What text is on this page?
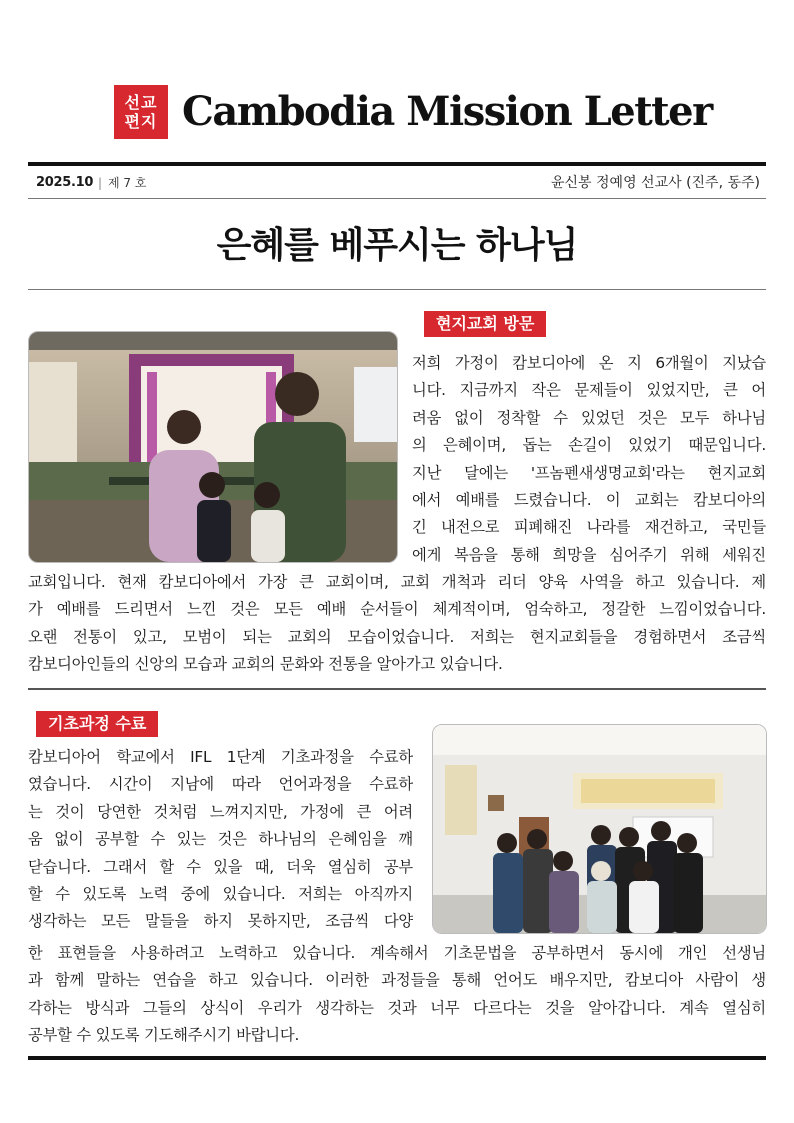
선교
편지 Cambodia Mission Letter
2025.10 | 제 7 호	윤신봉 정예영 선교사 (진주, 동주)
은혜를 베푸시는 하나님
현지교회 방문
저희 가정이 캄보디아에 온 지 6개월이 지났습
니다. 지금까지 작은 문제들이 있었지만, 큰 어
려움 없이 정착할 수 있었던 것은 모두 하나님
의 은혜이며, 돕는 손길이 있었기 때문입니다.
지난 달에는 '프놈펜새생명교회'라는 현지교회
에서 예배를 드렸습니다. 이 교회는 캄보디아의
긴 내전으로 피폐해진 나라를 재건하고, 국민들
에게 복음을 통해 희망을 심어주기 위해 세워진
교회입니다. 현재 캄보디아에서 가장 큰 교회이며, 교회 개척과 리더 양육 사역을 하고 있습니다. 제
가 예배를 드리면서 느낀 것은 모든 예배 순서들이 체계적이며, 엄숙하고, 정갈한 느낌이었습니다.
오랜 전통이 있고, 모범이 되는 교회의 모습이었습니다. 저희는 현지교회들을 경험하면서 조금씩
캄보디아인들의 신앙의 모습과 교회의 문화와 전통을 알아가고 있습니다.
기초과정 수료
캄보디아어 학교에서 IFL 1단계 기초과정을 수료하
였습니다. 시간이 지남에 따라 언어과정을 수료하
는 것이 당연한 것처럼 느껴지지만, 가정에 큰 어려
움 없이 공부할 수 있는 것은 하나님의 은혜임을 깨
닫습니다. 그래서 할 수 있을 때, 더욱 열심히 공부
할 수 있도록 노력 중에 있습니다. 저희는 아직까지
생각하는 모든 말들을 하지 못하지만, 조금씩 다양
한 표현들을 사용하려고 노력하고 있습니다. 계속해서 기초문법을 공부하면서 동시에 개인 선생님
과 함께 말하는 연습을 하고 있습니다. 이러한 과정들을 통해 언어도 배우지만, 캄보디아 사람이 생
각하는 방식과 그들의 상식이 우리가 생각하는 것과 너무 다르다는 것을 알아갑니다. 계속 열심히
공부할 수 있도록 기도해주시기 바랍니다.
